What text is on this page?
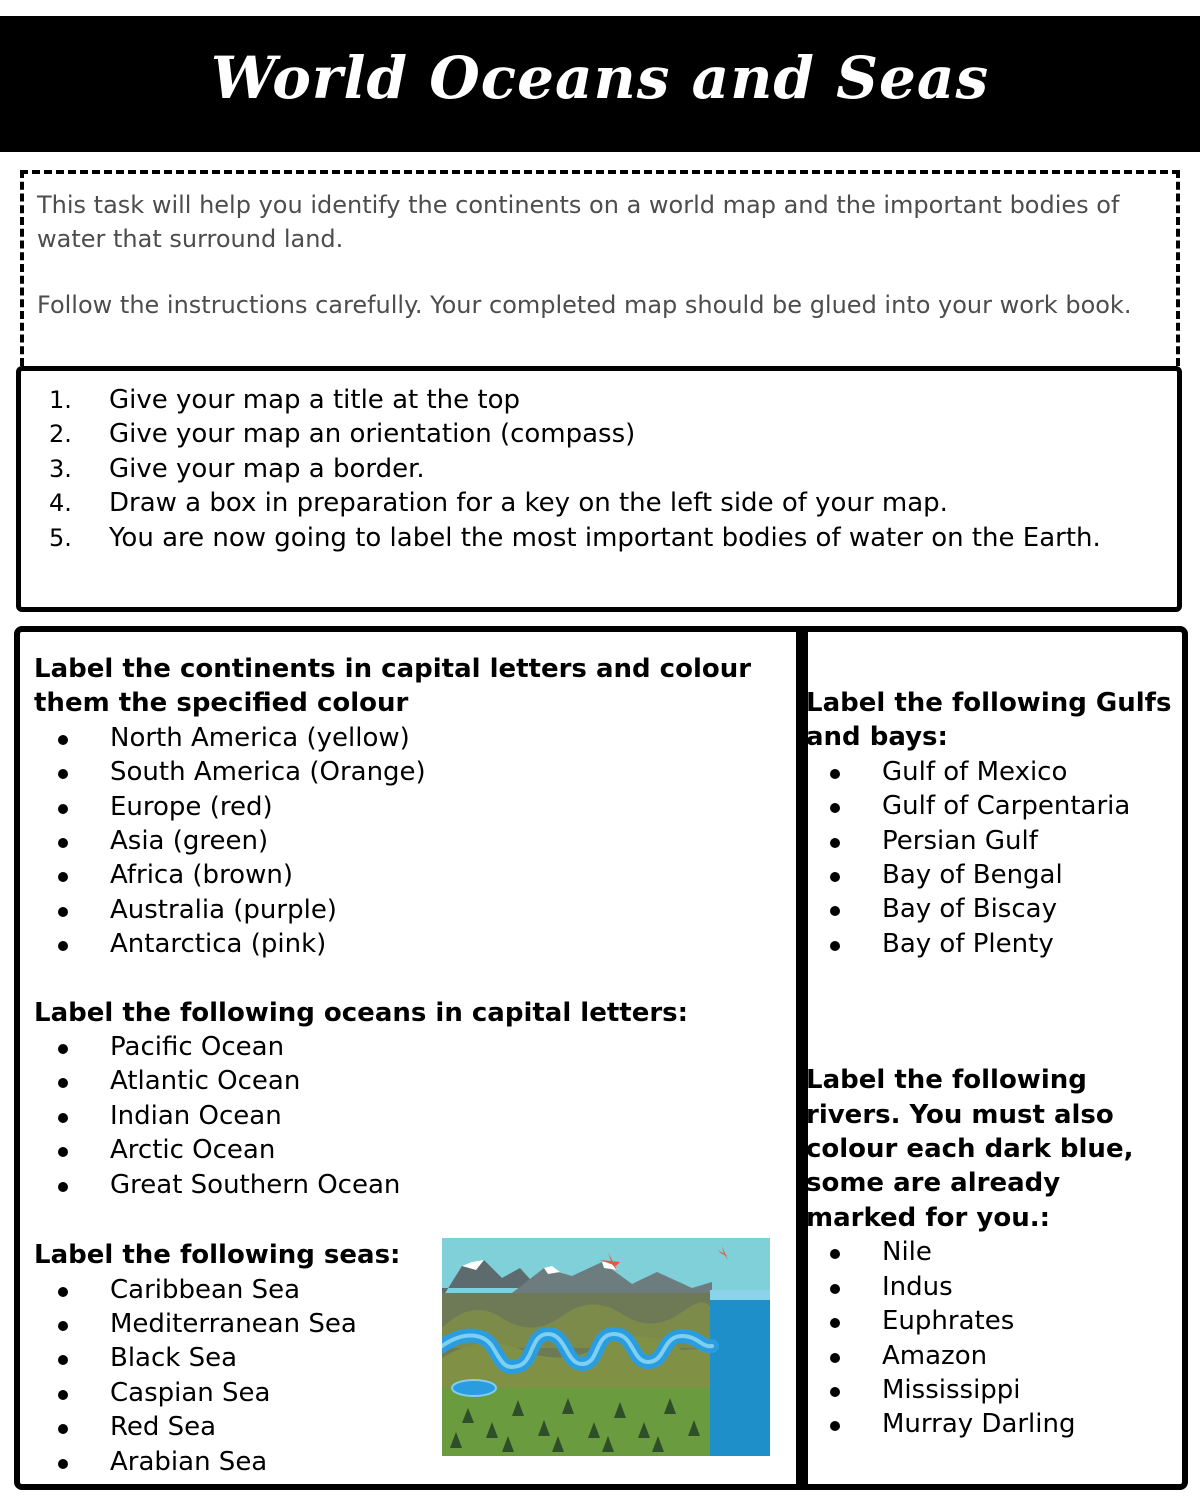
World Oceans and Seas

This task will help you identify the continents on a world map and the important bodies of water that surround land.

Follow the instructions carefully. Your completed map should be glued into your work book.

1.	Give your map a title at the top
2.	Give your map an orientation (compass)
3.	Give your map a border.
4.	Draw a box in preparation for a key on the left side of your map.
5.	You are now going to label the most important bodies of water on the Earth.

Label the continents in capital letters and colour them the specified colour

North America (yellow)
South America (Orange)
Europe (red)
Asia (green)
Africa (brown)
Australia (purple)
Antarctica (pink)

Label the following oceans in capital letters:

Pacific Ocean
Atlantic Ocean
Indian Ocean
Arctic Ocean
Great Southern Ocean

Label the following seas:

Caribbean Sea
Mediterranean Sea
Black Sea
Caspian Sea
Red Sea
Arabian Sea

Label the following Gulfs and bays:

Gulf of Mexico
Gulf of Carpentaria
Persian Gulf
Bay of Bengal
Bay of Biscay
Bay of Plenty

Label the following rivers. You must also colour each dark blue, some are already marked for you.:

Nile
Indus
Euphrates
Amazon
Mississippi
Murray Darling
